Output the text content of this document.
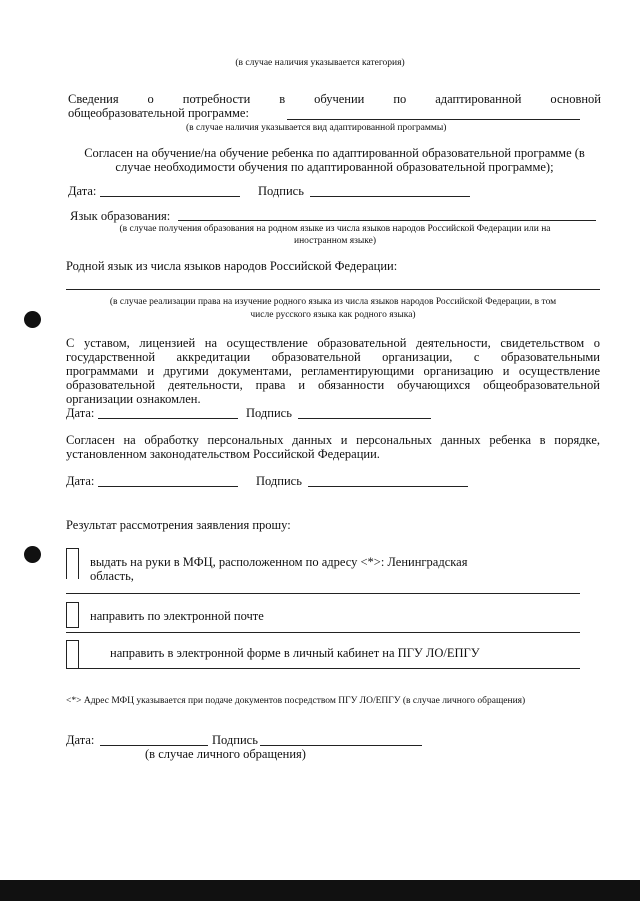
(в случае наличия указывается категория)
Сведения о потребности в обучении по адаптированной основной
общеобразовательной программе:
(в случае наличия указывается вид адаптированной программы)
Согласен на обучение/на обучение ребенка по адаптированной образовательной программе (в
случае необходимости обучения по адаптированной образовательной программе);
Дата:	Подпись
Язык образования:
(в случае получения образования на родном языке из числа языков народов Российской Федерации или на
иностранном языке)
Родной язык из числа языков народов Российской Федерации:
(в случае реализации права на изучение родного языка из числа языков народов Российской Федерации, в том
числе русского языка как родного языка)
С уставом, лицензией на осуществление образовательной деятельности, свидетельством о
государственной аккредитации образовательной организации, с образовательными
программами и другими документами, регламентирующими организацию и осуществление
образовательной деятельности, права и обязанности обучающихся общеобразовательной
организации ознакомлен.
Дата:	Подпись
Согласен на обработку персональных данных и персональных данных ребенка в порядке,
установленном законодательством Российской Федерации.
Дата:	Подпись
Результат рассмотрения заявления прошу:
выдать на руки в МФЦ, расположенном по адресу <*>: Ленинградская
область,
направить по электронной почте
направить в электронной форме в личный кабинет на ПГУ ЛО/ЕПГУ
<*> Адрес МФЦ указывается при подаче документов посредством ПГУ ЛО/ЕПГУ (в случае личного обращения)
Дата:	Подпись
(в случае личного обращения)
